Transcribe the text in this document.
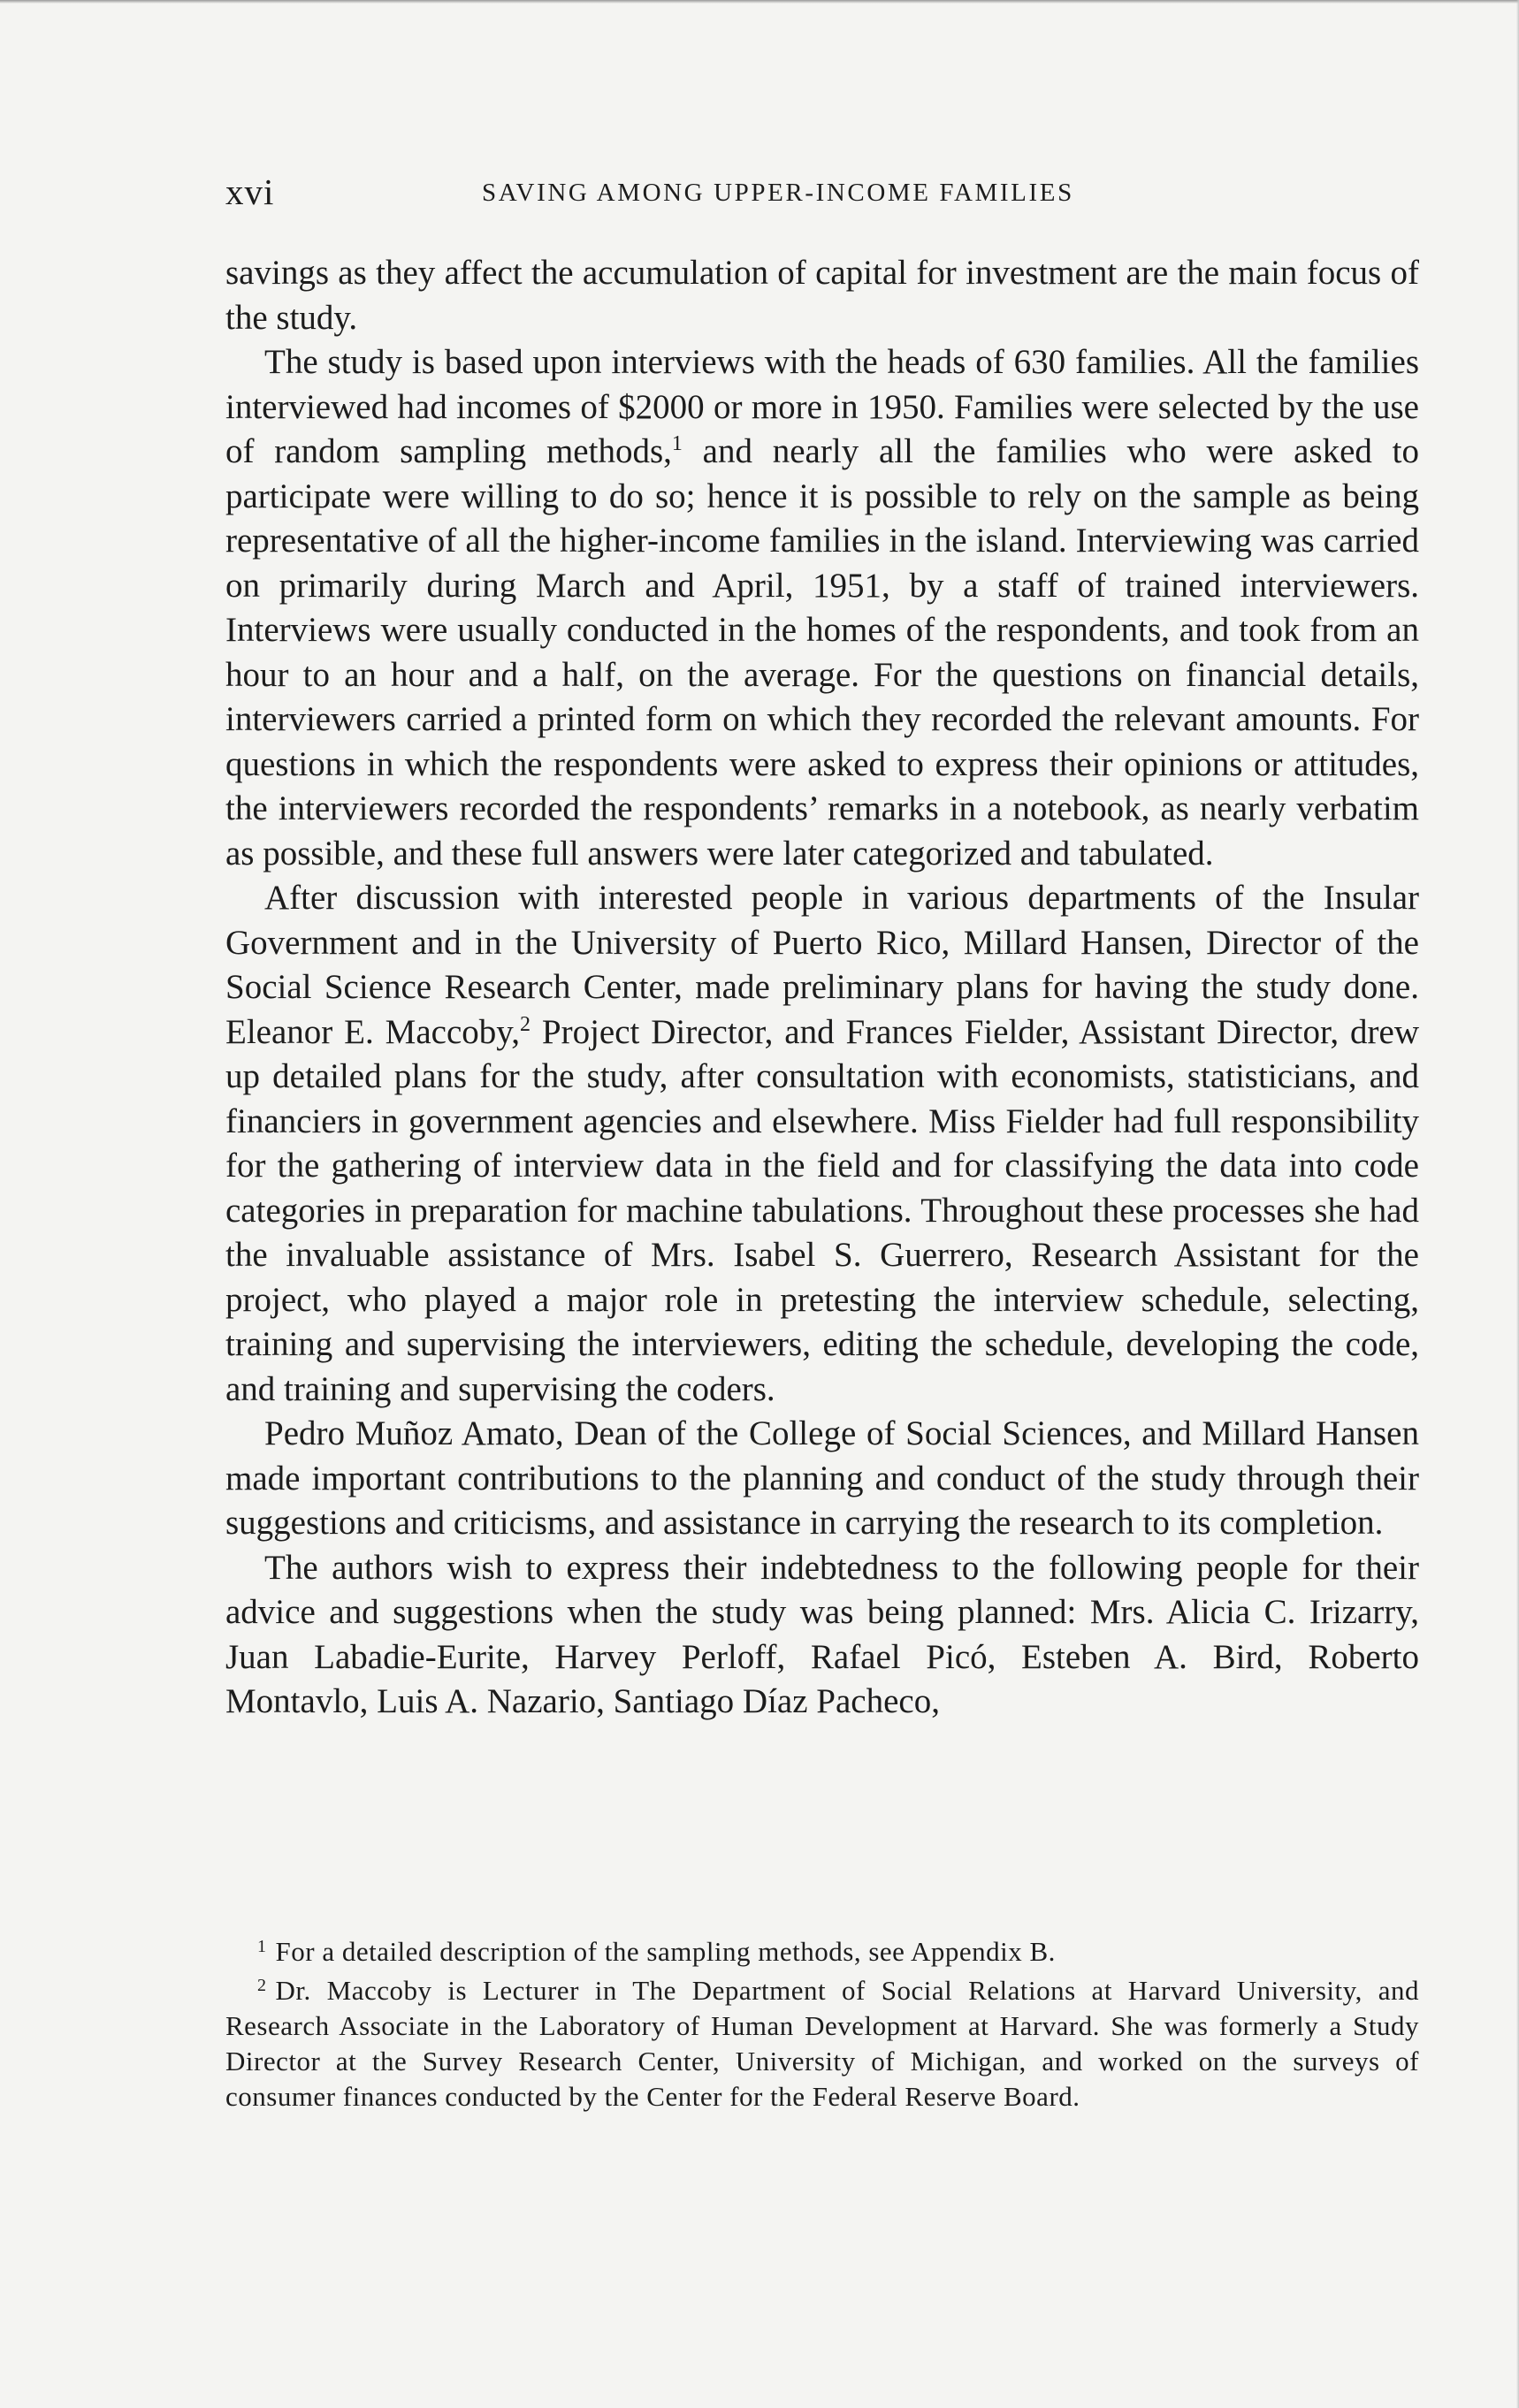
xvi	SAVING AMONG UPPER-INCOME FAMILIES

savings as they affect the accumulation of capital for investment are the main focus of the study.

The study is based upon interviews with the heads of 630 families. All the families interviewed had incomes of $2000 or more in 1950. Families were selected by the use of random sampling methods,$^1$ and nearly all the families who were asked to participate were willing to do so; hence it is possible to rely on the sample as being representative of all the higher-income families in the island. Interviewing was carried on primarily during March and April, 1951, by a staff of trained interviewers. Interviews were usually conducted in the homes of the respondents, and took from an hour to an hour and a half, on the average. For the questions on financial details, interviewers carried a printed form on which they recorded the relevant amounts. For questions in which the respondents were asked to express their opinions or attitudes, the interviewers recorded the respondents’ remarks in a notebook, as nearly verbatim as possible, and these full answers were later categorized and tabulated.

After discussion with interested people in various departments of the Insular Government and in the University of Puerto Rico, Millard Hansen, Director of the Social Science Research Center, made preliminary plans for having the study done. Eleanor E. Maccoby,$^2$ Project Director, and Frances Fielder, Assistant Director, drew up detailed plans for the study, after consultation with economists, statisticians, and financiers in government agencies and elsewhere. Miss Fielder had full responsibility for the gathering of interview data in the field and for classifying the data into code categories in preparation for machine tabulations. Throughout these processes she had the invaluable assistance of Mrs. Isabel S. Guerrero, Research Assistant for the project, who played a major role in pretesting the interview schedule, selecting, training and supervising the interviewers, editing the schedule, developing the code, and training and supervising the coders.

Pedro Muñoz Amato, Dean of the College of Social Sciences, and Millard Hansen made important contributions to the planning and conduct of the study through their suggestions and criticisms, and assistance in carrying the research to its completion.

The authors wish to express their indebtedness to the following people for their advice and suggestions when the study was being planned: Mrs. Alicia C. Irizarry, Juan Labadie-Eurite, Harvey Perloff, Rafael Picó, Esteben A. Bird, Roberto Montavlo, Luis A. Nazario, Santiago Díaz Pacheco,

$^1$ For a detailed description of the sampling methods, see Appendix B.

$^2$ Dr. Maccoby is Lecturer in The Department of Social Relations at Harvard University, and Research Associate in the Laboratory of Human Development at Harvard. She was formerly a Study Director at the Survey Research Center, University of Michigan, and worked on the surveys of consumer finances conducted by the Center for the Federal Reserve Board.
